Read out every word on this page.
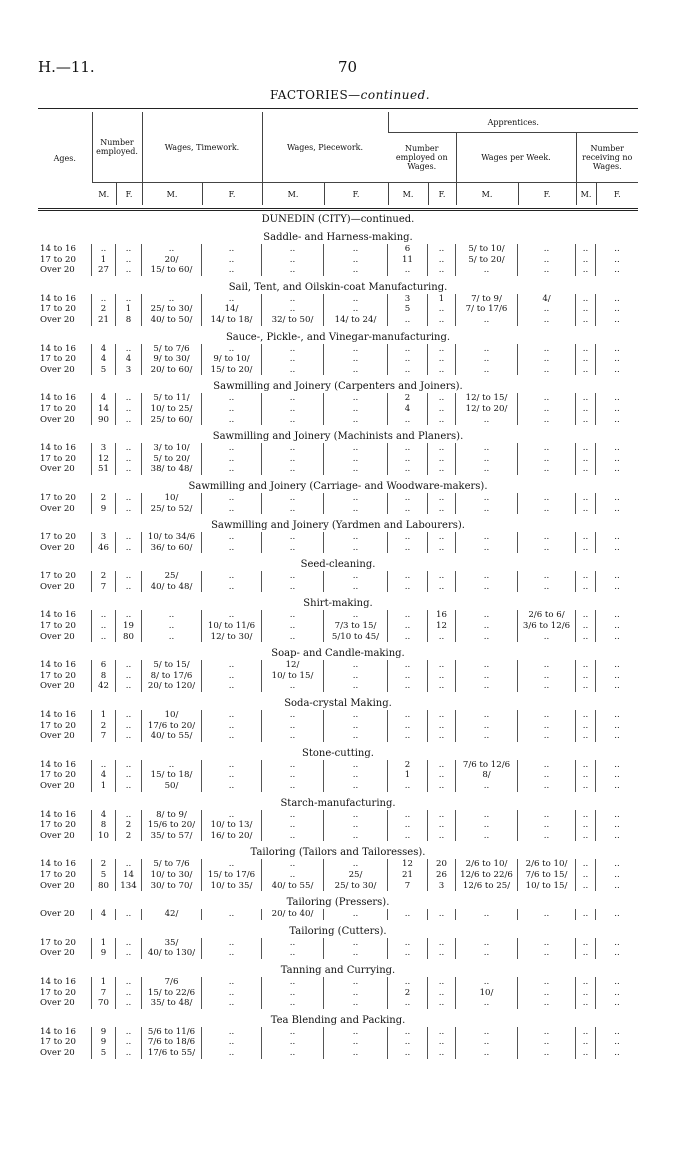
H.—11.	70
FACTORIES—continued.
Ages.	Number employed.		Wages, Timework.		Wages, Piecework.		Apprentices.					
							Number employed on Wages.		Wages per Week.		Number receiving no Wages.	
	M.	F.	M.	F.	M.	F.	M.	F.	M.	F.	M.	F.
DUNEDIN (CITY)—continued.
Saddle- and Harness-making.
14 to 16	..	..	..	..	..	..	6	..	5/ to 10/	..	..	..
17 to 20	1	..	20/	..	..	..	11	..	5/ to 20/	..	..	..
Over 20	27	..	15/ to 60/	..	..	..	..	..	..	..	..	..
Sail, Tent, and Oilskin-coat Manufacturing.
14 to 16	..	..	..	..	..	..	3	1	7/ to 9/	4/	..	..
17 to 20	2	1	25/ to 30/	14/	..	..	5	..	7/ to 17/6	..	..	..
Over 20	21	8	40/ to 50/	14/ to 18/	32/ to 50/	14/ to 24/	..	..	..	..	..	..
Sauce-, Pickle-, and Vinegar-manufacturing.
14 to 16	4	..	5/ to 7/6	..	..	..	..	..	..	..	..	..
17 to 20	4	4	9/ to 30/	9/ to 10/	..	..	..	..	..	..	..	..
Over 20	5	3	20/ to 60/	15/ to 20/	..	..	..	..	..	..	..	..
Sawmilling and Joinery (Carpenters and Joiners).
14 to 16	4	..	5/ to 11/	..	..	..	2	..	12/ to 15/	..	..	..
17 to 20	14	..	10/ to 25/	..	..	..	4	..	12/ to 20/	..	..	..
Over 20	90	..	25/ to 60/	..	..	..	..	..	..	..	..	..
Sawmilling and Joinery (Machinists and Planers).
14 to 16	3	..	3/ to 10/	..	..	..	..	..	..	..	..	..
17 to 20	12	..	5/ to 20/	..	..	..	..	..	..	..	..	..
Over 20	51	..	38/ to 48/	..	..	..	..	..	..	..	..	..
Sawmilling and Joinery (Carriage- and Woodware-makers).
17 to 20	2	..	10/	..	..	..	..	..	..	..	..	..
Over 20	9	..	25/ to 52/	..	..	..	..	..	..	..	..	..
Sawmilling and Joinery (Yardmen and Labourers).
17 to 20	3	..	10/ to 34/6	..	..	..	..	..	..	..	..	..
Over 20	46	..	36/ to 60/	..	..	..	..	..	..	..	..	..
Seed-cleaning.
17 to 20	2	..	25/	..	..	..	..	..	..	..	..	..
Over 20	7	..	40/ to 48/	..	..	..	..	..	..	..	..	..
Shirt-making.
14 to 16	..	..	..	..	..	..	..	16	..	2/6 to 6/	..	..
17 to 20	..	19	..	10/ to 11/6	..	7/3 to 15/	..	12	..	3/6 to 12/6	..	..
Over 20	..	80	..	12/ to 30/	..	5/10 to 45/	..	..	..	..	..	..
Soap- and Candle-making.
14 to 16	6	..	5/ to 15/	..	12/	..	..	..	..	..	..	..
17 to 20	8	..	8/ to 17/6	..	10/ to 15/	..	..	..	..	..	..	..
Over 20	42	..	20/ to 120/	..	..	..	..	..	..	..	..	..
Soda-crystal Making.
14 to 16	1	..	10/	..	..	..	..	..	..	..	..	..
17 to 20	2	..	17/6 to 20/	..	..	..	..	..	..	..	..	..
Over 20	7	..	40/ to 55/	..	..	..	..	..	..	..	..	..
Stone-cutting.
14 to 16	..	..	..	..	..	..	2	..	7/6 to 12/6	..	..	..
17 to 20	4	..	15/ to 18/	..	..	..	1	..	8/	..	..	..
Over 20	1	..	50/	..	..	..	..	..	..	..	..	..
Starch-manufacturing.
14 to 16	4	..	8/ to 9/	..	..	..	..	..	..	..	..	..
17 to 20	8	2	15/6 to 20/	10/ to 13/	..	..	..	..	..	..	..	..
Over 20	10	2	35/ to 57/	16/ to 20/	..	..	..	..	..	..	..	..
Tailoring (Tailors and Tailoresses).
14 to 16	2	..	5/ to 7/6	..	..	..	12	20	2/6 to 10/	2/6 to 10/	..	..
17 to 20	5	14	10/ to 30/	15/ to 17/6	..	25/	21	26	12/6 to 22/6	7/6 to 15/	..	..
Over 20	80	134	30/ to 70/	10/ to 35/	40/ to 55/	25/ to 30/	7	3	12/6 to 25/	10/ to 15/	..	..
Tailoring (Pressers).
Over 20	4	..	42/	..	20/ to 40/	..	..	..	..	..	..	..
Tailoring (Cutters).
17 to 20	1	..	35/	..	..	..	..	..	..	..	..	..
Over 20	9	..	40/ to 130/	..	..	..	..	..	..	..	..	..
Tanning and Currying.
14 to 16	1	..	7/6	..	..	..	..	..	..	..	..	..
17 to 20	7	..	15/ to 22/6	..	..	..	2	..	10/	..	..	..
Over 20	70	..	35/ to 48/	..	..	..	..	..	..	..	..	..
Tea Blending and Packing.
14 to 16	9	..	5/6 to 11/6	..	..	..	..	..	..	..	..	..
17 to 20	9	..	7/6 to 18/6	..	..	..	..	..	..	..	..	..
Over 20	5	..	17/6 to 55/	..	..	..	..	..	..	..	..	..
